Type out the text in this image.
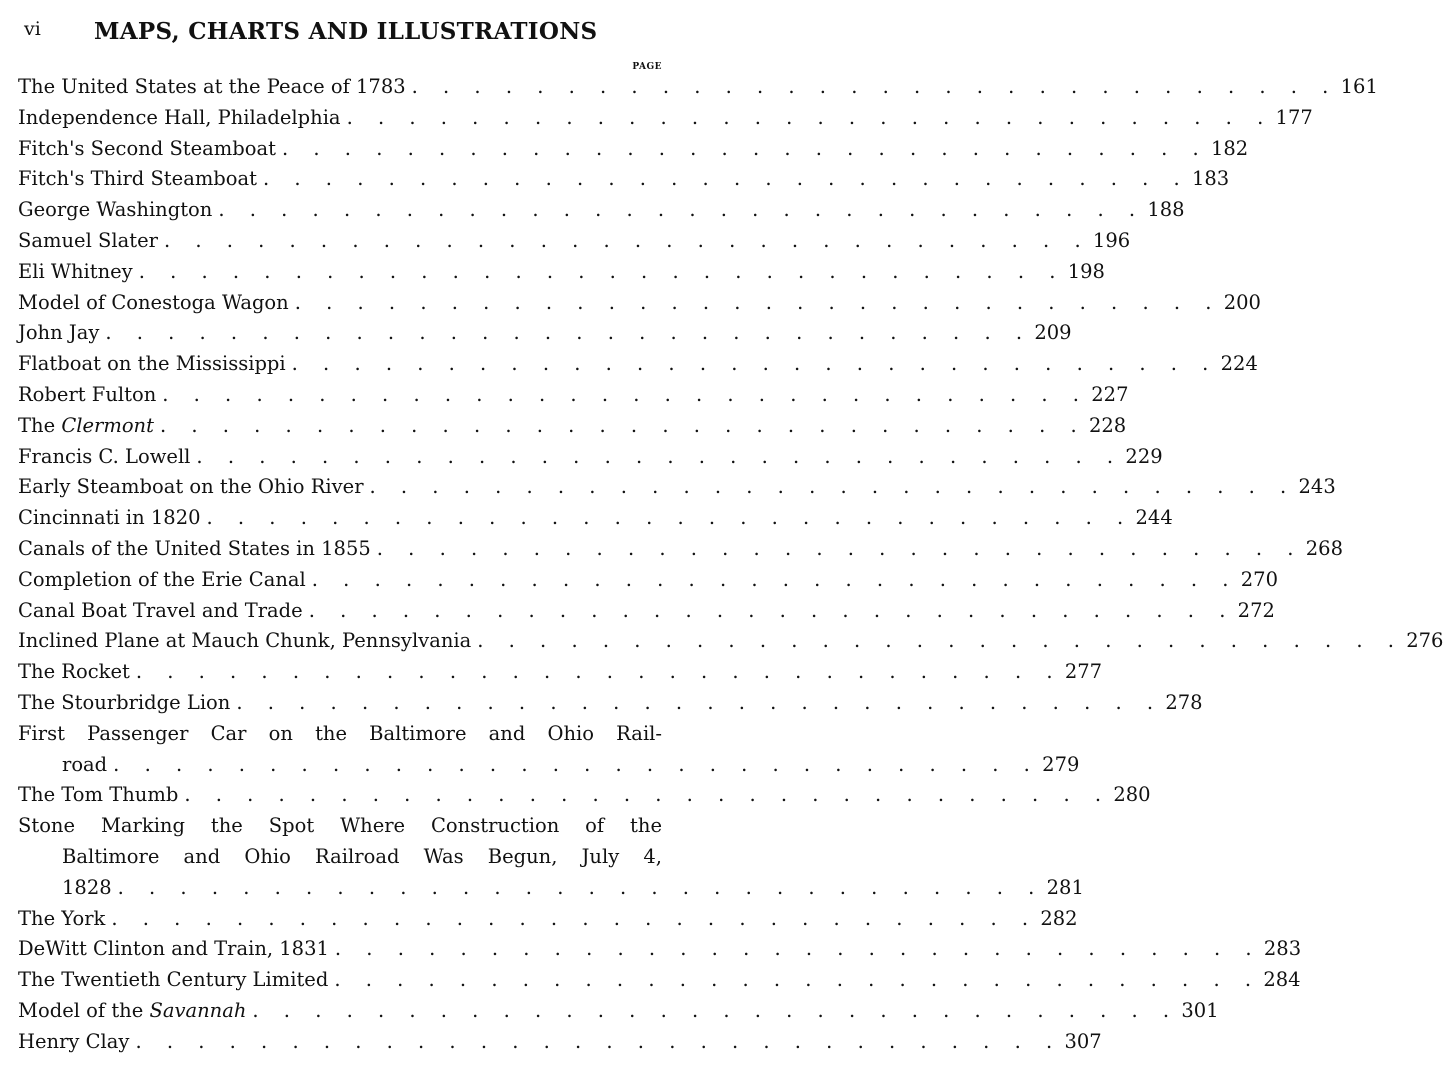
vi MAPS, CHARTS AND ILLUSTRATIONS
PAGE
The United States at the Peace of 1783 . . . . . . . . . . . . . . . . . . . . . . . . . . . . . . 161
Independence Hall, Philadelphia . . . . . . . . . . . . . . . . . . . . . . . . . . . . . . 177
Fitch's Second Steamboat . . . . . . . . . . . . . . . . . . . . . . . . . . . . . . 182
Fitch's Third Steamboat . . . . . . . . . . . . . . . . . . . . . . . . . . . . . . 183
George Washington . . . . . . . . . . . . . . . . . . . . . . . . . . . . . . 188
Samuel Slater . . . . . . . . . . . . . . . . . . . . . . . . . . . . . . 196
Eli Whitney . . . . . . . . . . . . . . . . . . . . . . . . . . . . . . 198
Model of Conestoga Wagon . . . . . . . . . . . . . . . . . . . . . . . . . . . . . . 200
John Jay . . . . . . . . . . . . . . . . . . . . . . . . . . . . . . 209
Flatboat on the Mississippi . . . . . . . . . . . . . . . . . . . . . . . . . . . . . . 224
Robert Fulton . . . . . . . . . . . . . . . . . . . . . . . . . . . . . . 227
The Clermont . . . . . . . . . . . . . . . . . . . . . . . . . . . . . . 228
Francis C. Lowell . . . . . . . . . . . . . . . . . . . . . . . . . . . . . . 229
Early Steamboat on the Ohio River . . . . . . . . . . . . . . . . . . . . . . . . . . . . . . 243
Cincinnati in 1820 . . . . . . . . . . . . . . . . . . . . . . . . . . . . . . 244
Canals of the United States in 1855 . . . . . . . . . . . . . . . . . . . . . . . . . . . . . . 268
Completion of the Erie Canal . . . . . . . . . . . . . . . . . . . . . . . . . . . . . . 270
Canal Boat Travel and Trade . . . . . . . . . . . . . . . . . . . . . . . . . . . . . . 272
Inclined Plane at Mauch Chunk, Pennsylvania . . . . . . . . . . . . . . . . . . . . . . . . . . . . . . 276
The Rocket . . . . . . . . . . . . . . . . . . . . . . . . . . . . . . 277
The Stourbridge Lion . . . . . . . . . . . . . . . . . . . . . . . . . . . . . . 278
First Passenger Car on the Baltimore and Ohio Rail-
road . . . . . . . . . . . . . . . . . . . . . . . . . . . . . . 279
The Tom Thumb . . . . . . . . . . . . . . . . . . . . . . . . . . . . . . 280
Stone Marking the Spot Where Construction of the
Baltimore and Ohio Railroad Was Begun, July 4,
1828 . . . . . . . . . . . . . . . . . . . . . . . . . . . . . . 281
The York . . . . . . . . . . . . . . . . . . . . . . . . . . . . . . 282
DeWitt Clinton and Train, 1831 . . . . . . . . . . . . . . . . . . . . . . . . . . . . . . 283
The Twentieth Century Limited . . . . . . . . . . . . . . . . . . . . . . . . . . . . . . 284
Model of the Savannah . . . . . . . . . . . . . . . . . . . . . . . . . . . . . . 301
Henry Clay . . . . . . . . . . . . . . . . . . . . . . . . . . . . . . 307
